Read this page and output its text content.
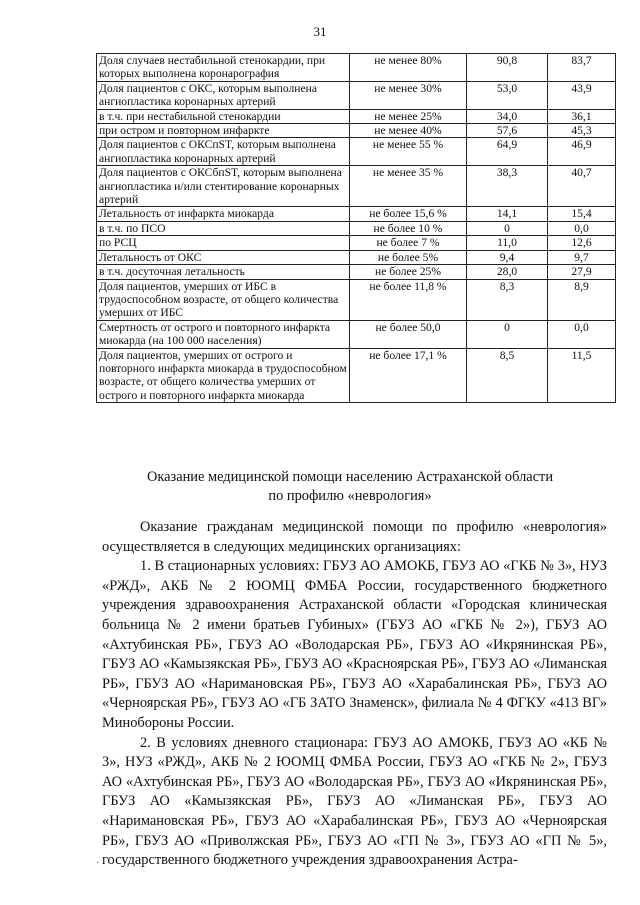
31
Доля случаев нестабильной стенокардии, при которых выполнена коронарография	не менее 80%	90,8	83,7
Доля пациентов с ОКС, которым выполнена ангиопластика коронарных артерий	не менее 30%	53,0	43,9
в т.ч. при нестабильной стенокардии	не менее 25%	34,0	36,1
при остром и повторном инфаркте	не менее 40%	57,6	45,3
Доля пациентов с ОКСпST, которым выполнена ангиопластика коронарных артерий	не менее 55 %	64,9	46,9
Доля пациентов с ОКСбпST, которым выполнена ангиопластика и/или стентирование коронарных артерий	не менее 35 %	38,3	40,7
Летальность от инфаркта миокарда	не более 15,6 %	14,1	15,4
в т.ч. по ПСО	не более 10 %	0	0,0
по РСЦ	не более 7 %	11,0	12,6
Летальность от ОКС	не более 5%	9,4	9,7
в т.ч. досуточная летальность	не более 25%	28,0	27,9
Доля пациентов, умерших от ИБС в трудоспособном возрасте, от общего количества умерших от ИБС	не более 11,8 %	8,3	8,9
Смертность от острого и повторного инфаркта миокарда (на 100 000 населения)	не более 50,0	0	0,0
Доля пациентов, умерших от острого и повторного инфаркта миокарда в трудоспособном возрасте, от общего количества умерших от острого и повторного инфаркта миокарда	не более 17,1 %	8,5	11,5
Оказание медицинской помощи населению Астраханской области
по профилю «неврология»

Оказание гражданам медицинской помощи по профилю «неврология» осуществляется в следующих медицинских организациях:

1. В стационарных условиях: ГБУЗ АО АМОКБ, ГБУЗ АО «ГКБ № 3», НУЗ «РЖД», АКБ № 2 ЮОМЦ ФМБА России, государственного бюджетного учреждения здравоохранения Астраханской области «Городская клиническая больница № 2 имени братьев Губиных» (ГБУЗ АО «ГКБ № 2»), ГБУЗ АО «Ахтубинская РБ», ГБУЗ АО «Володарская РБ», ГБУЗ АО «Икрянинская РБ», ГБУЗ АО «Камызякская РБ», ГБУЗ АО «Красноярская РБ», ГБУЗ АО «Лиманская РБ», ГБУЗ АО «Наримановская РБ», ГБУЗ АО «Харабалинская РБ», ГБУЗ АО «Черноярская РБ», ГБУЗ АО «ГБ ЗАТО Знаменск», филиала № 4 ФГКУ «413 ВГ» Минобороны России.

2. В условиях дневного стационара: ГБУЗ АО АМОКБ, ГБУЗ АО «КБ № 3», НУЗ «РЖД», АКБ № 2 ЮОМЦ ФМБА России, ГБУЗ АО «ГКБ № 2», ГБУЗ АО «Ахтубинская РБ», ГБУЗ АО «Володарская РБ», ГБУЗ АО «Икрянинская РБ», ГБУЗ АО «Камызякская РБ», ГБУЗ АО «Лиманская РБ», ГБУЗ АО «Наримановская РБ», ГБУЗ АО «Харабалинская РБ», ГБУЗ АО «Черноярская РБ», ГБУЗ АО «Приволжская РБ», ГБУЗ АО «ГП № 3», ГБУЗ АО «ГП № 5», государственного бюджетного учреждения здравоохранения Астра-

·
